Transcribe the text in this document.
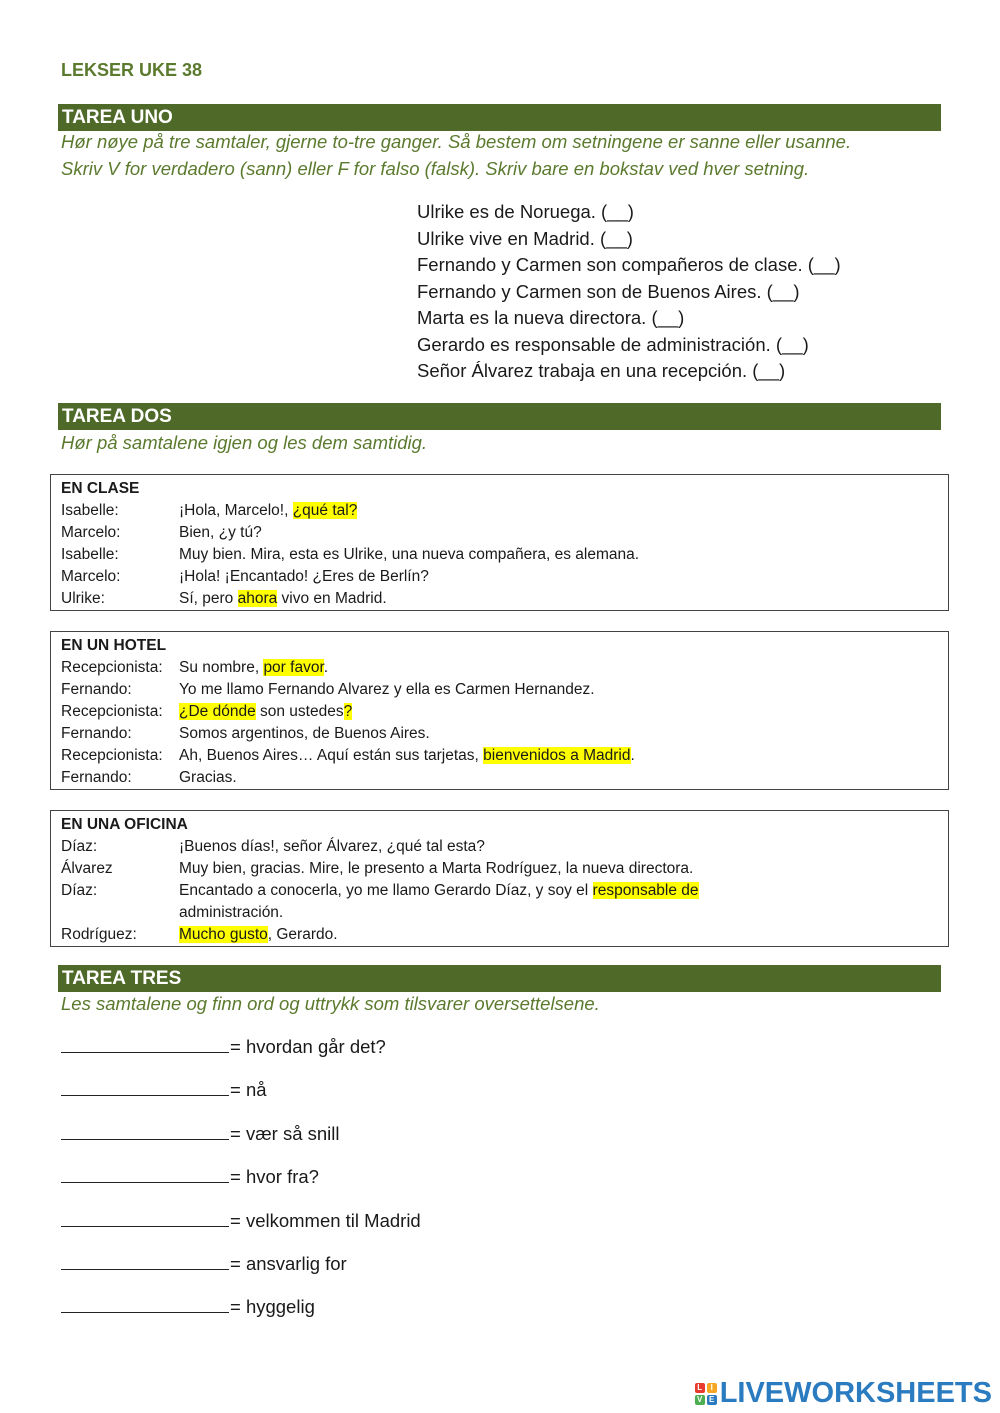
LEKSER UKE 38
TAREA UNO
Hør nøye på tre samtaler, gjerne to-tre ganger. Så bestem om setningene er sanne eller usanne.
Skriv V for verdadero (sann) eller F for falso (falsk). Skriv bare en bokstav ved hver setning.
Ulrike es de Noruega. (__)
Ulrike vive en Madrid. (__)
Fernando y Carmen son compañeros de clase. (__)
Fernando y Carmen son de Buenos Aires. (__)
Marta es la nueva directora. (__)
Gerardo es responsable de administración. (__)
Señor Álvarez trabaja en una recepción. (__)
TAREA DOS
Hør på samtalene igjen og les dem samtidig.
EN CLASE
Isabelle:	¡Hola, Marcelo!, ¿qué tal?
Marcelo:	Bien, ¿y tú?
Isabelle:	Muy bien. Mira, esta es Ulrike, una nueva compañera, es alemana.
Marcelo:	¡Hola! ¡Encantado! ¿Eres de Berlín?
Ulrike:	Sí, pero ahora vivo en Madrid.
EN UN HOTEL
Recepcionista:	Su nombre, por favor.
Fernando:	Yo me llamo Fernando Alvarez y ella es Carmen Hernandez.
Recepcionista:	¿De dónde son ustedes?
Fernando:	Somos argentinos, de Buenos Aires.
Recepcionista:	Ah, Buenos Aires… Aquí están sus tarjetas, bienvenidos a Madrid.
Fernando:	Gracias.
EN UNA OFICINA
Díaz:	¡Buenos días!, señor Álvarez, ¿qué tal esta?
Álvarez	Muy bien, gracias. Mire, le presento a Marta Rodríguez, la nueva directora.
Díaz:	Encantado a conocerla, yo me llamo Gerardo Díaz, y soy el responsable de
administración.
Rodríguez:	Mucho gusto, Gerardo.
TAREA TRES
Les samtalene og finn ord og uttrykk som tilsvarer oversettelsene.
= hvordan går det?
= nå
= vær så snill
= hvor fra?
= velkommen til Madrid
= ansvarlig for
= hyggelig
L	I
V E LIVEWORKSHEETS
